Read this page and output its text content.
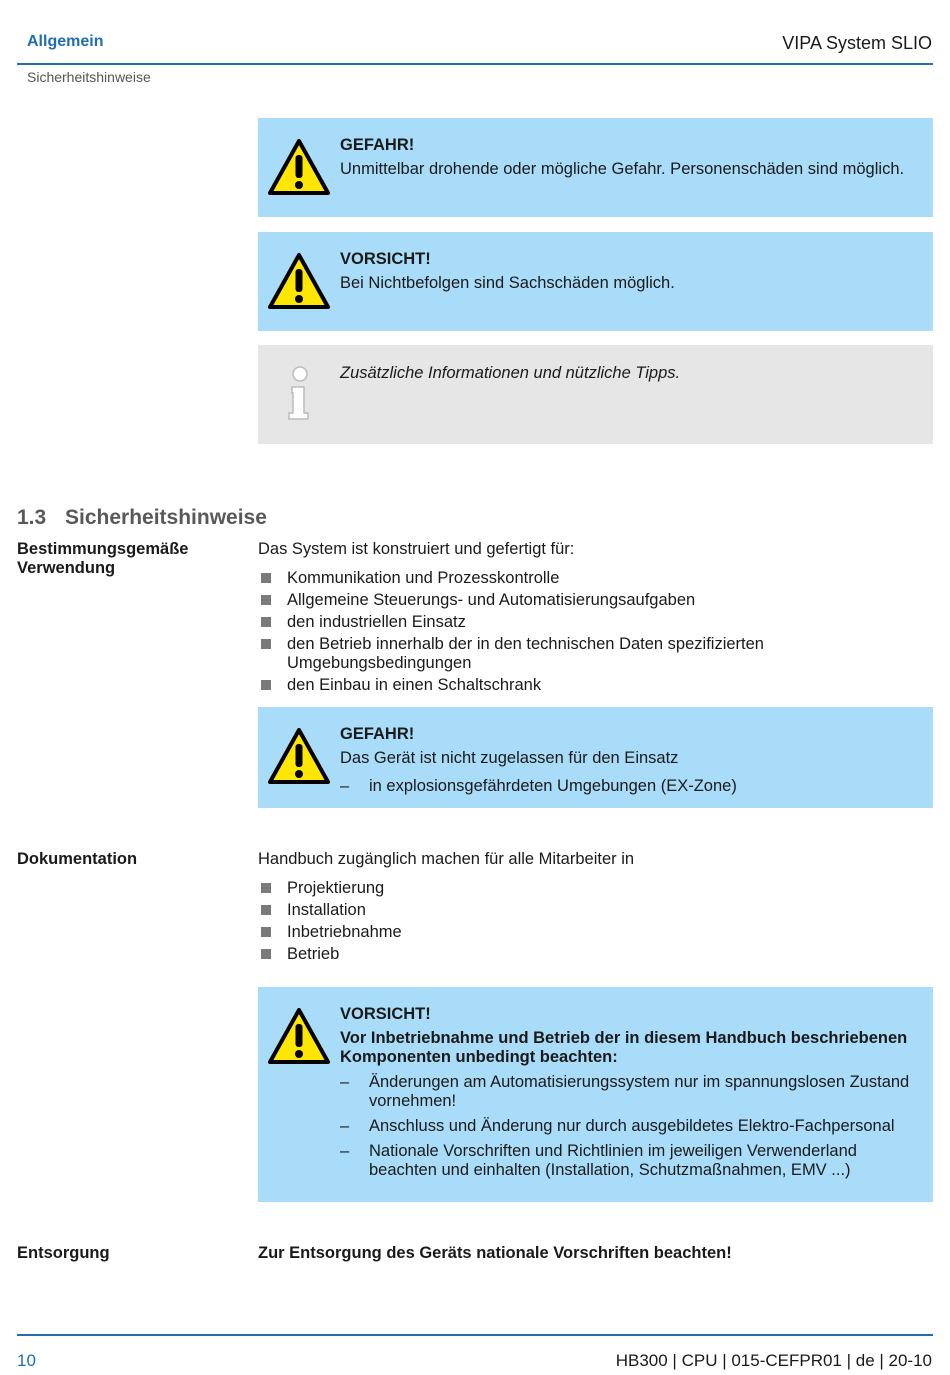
Allgemein	VIPA System SLIO
Sicherheitshinweise
GEFAHR!
Unmittelbar drohende oder mögliche Gefahr. Personenschäden sind möglich.
VORSICHT!
Bei Nichtbefolgen sind Sachschäden möglich.
Zusätzliche Informationen und nützliche Tipps.
1.3 Sicherheitshinweise
Bestimmungsgemäße Verwendung
Das System ist konstruiert und gefertigt für:
Kommunikation und Prozesskontrolle
Allgemeine Steuerungs- und Automatisierungsaufgaben
den industriellen Einsatz
den Betrieb innerhalb der in den technischen Daten spezifizierten Umgebungsbedingungen
den Einbau in einen Schaltschrank
GEFAHR!
Das Gerät ist nicht zugelassen für den Einsatz
– in explosionsgefährdeten Umgebungen (EX-Zone)
Dokumentation	Handbuch zugänglich machen für alle Mitarbeiter in
Projektierung
Installation
Inbetriebnahme
Betrieb
VORSICHT!
Vor Inbetriebnahme und Betrieb der in diesem Handbuch beschriebenen Komponenten unbedingt beachten:
– Änderungen am Automatisierungssystem nur im spannungslosen Zustand vornehmen!
– Anschluss und Änderung nur durch ausgebildetes Elektro-Fachpersonal
– Nationale Vorschriften und Richtlinien im jeweiligen Verwenderland beachten und einhalten (Installation, Schutzmaßnahmen, EMV ...)
Entsorgung	Zur Entsorgung des Geräts nationale Vorschriften beachten!
10	HB300 | CPU | 015-CEFPR01 | de | 20-10
